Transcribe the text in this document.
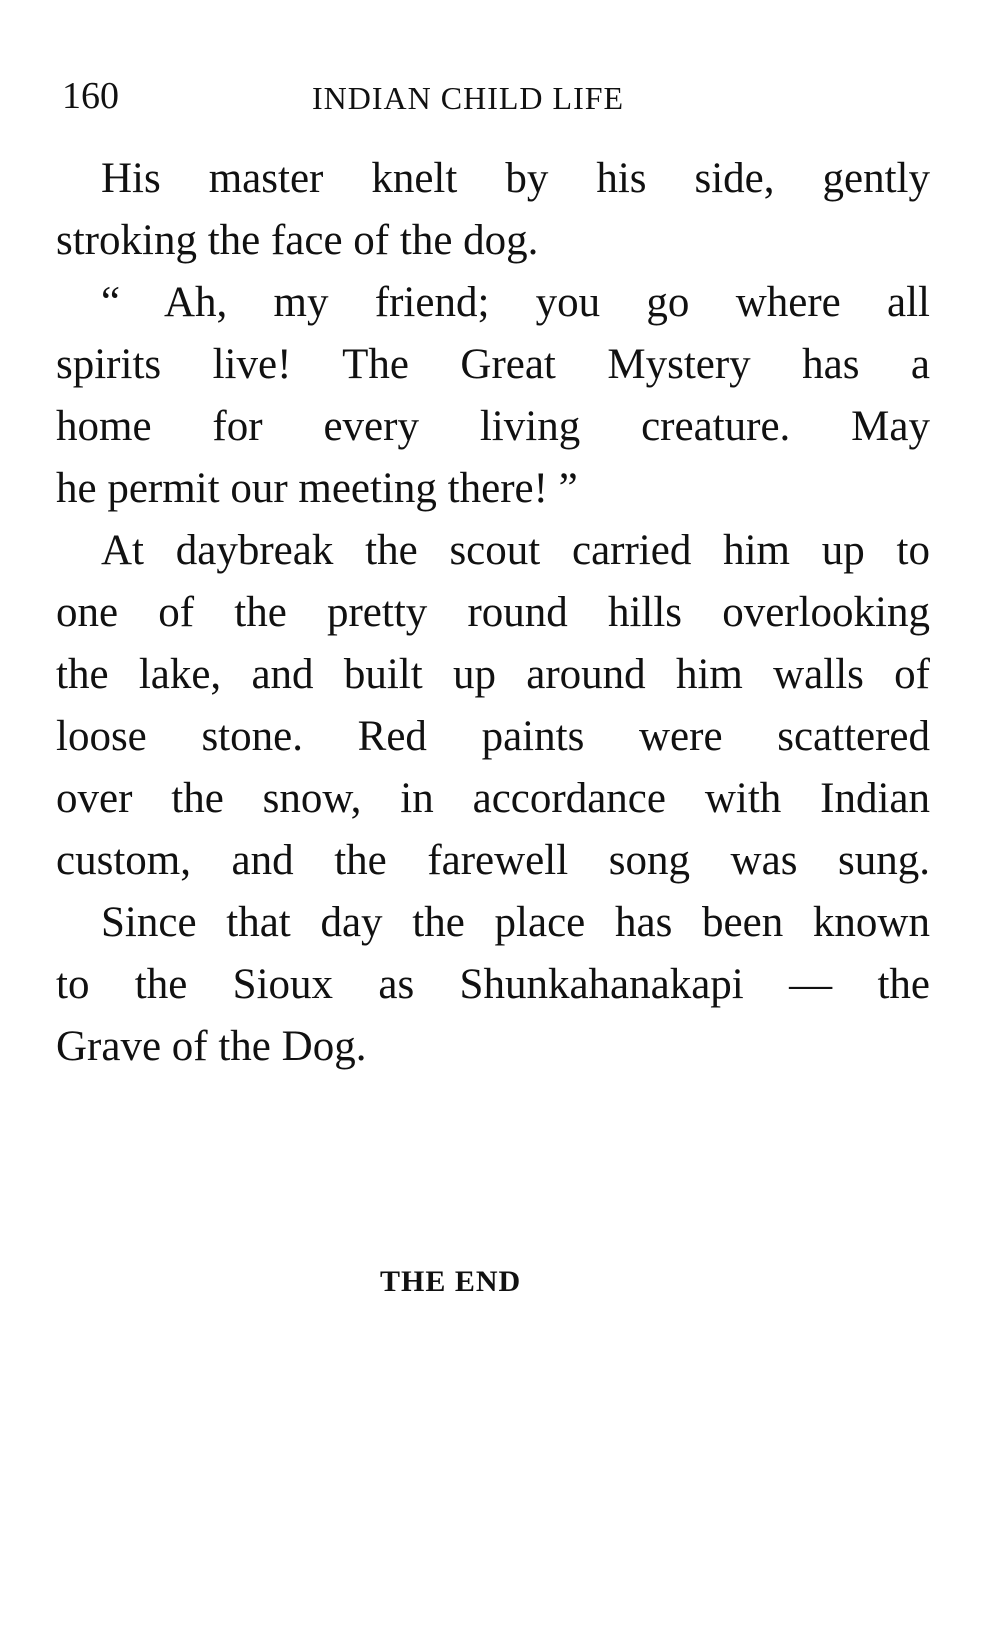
160	INDIAN CHILD LIFE
His master knelt by his side, gently
stroking the face of the dog.
“ Ah, my friend; you go where all
spirits live! The Great Mystery has a
home for every living creature. May
he permit our meeting there! ”
At daybreak the scout carried him up to
one of the pretty round hills overlooking
the lake, and built up around him walls of
loose stone. Red paints were scattered
over the snow, in accordance with Indian
custom, and the farewell song was sung.
Since that day the place has been known
to the Sioux as Shunkahanakapi — the
Grave of the Dog.
THE END
